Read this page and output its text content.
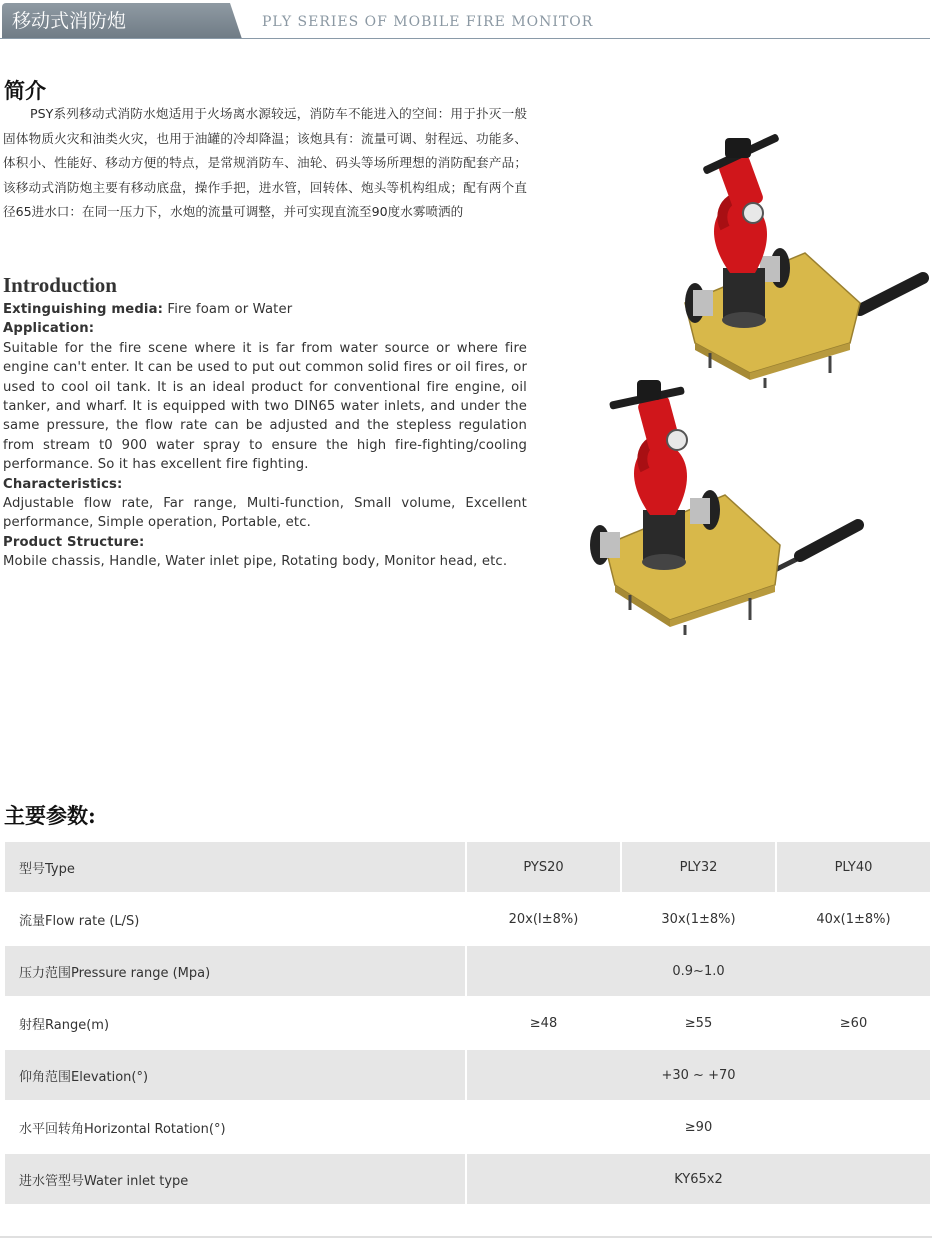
移动式消防炮	PLY SERIES OF MOBILE FIRE MONITOR
简介
PSY系列移动式消防水炮适用于火场离水源较远，消防车不能进入的空间：用于扑灭一般固体物质火灾和油类火灾，也用于油罐的冷却降温；该炮具有：流量可调、射程远、功能多、体积小、性能好、移动方便的特点，是常规消防车、油轮、码头等场所理想的消防配套产品；该移动式消防炮主要有移动底盘，操作手把，进水管，回转体、炮头等机构组成；配有两个直径65进水口：在同一压力下，水炮的流量可调整，并可实现直流至90度水雾喷洒的
Introduction

Extinguishing media: Fire foam or Water

Application:

Suitable for the fire scene where it is far from water source or where fire engine can't enter. It can be used to put out common solid fires or oil fires, or used to cool oil tank. It is an ideal product for conventional fire engine, oil tanker, and wharf. It is equipped with two DIN65 water inlets, and under the same pressure, the flow rate can be adjusted and the stepless regulation from stream t0 900 water spray to ensure the high fire-fighting/cooling performance. So it has excellent fire fighting.

Characteristics:

Adjustable flow rate, Far range, Multi-function, Small volume, Excellent performance, Simple operation, Portable, etc.

Product Structure:

Mobile chassis, Handle, Water inlet pipe, Rotating body, Monitor head, etc.

主要参数:
型号Type	PYS20	PLY32	PLY40
流量Flow rate (L/S)	20x(I±8%)	30x(1±8%)	40x(1±8%)
压力范围Pressure range (Mpa)	0.9~1.0		
射程Range(m)	≥48	≥55	≥60
仰角范围Elevation(°)	+30 ~ +70		
水平回转角Horizontal Rotation(°)	≥90		
进水管型号Water inlet type	KY65x2		
